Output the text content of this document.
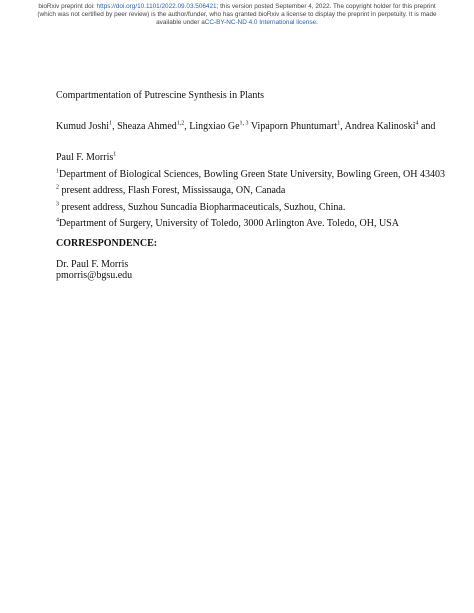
bioRxiv preprint doi: https://doi.org/10.1101/2022.09.03.506421; this version posted September 4, 2022. The copyright holder for this preprint
(which was not certified by peer review) is the author/funder, who has granted bioRxiv a license to display the preprint in perpetuity. It is made
available under aCC-BY-NC-ND 4.0 International license.
Compartmentation of Putrescine Synthesis in Plants
Kumud Joshi$^1$, Sheaza Ahmed$^{1,2}$, Lingxiao Ge$^{1, 3}$ Vipaporn Phuntumart$^1$, Andrea Kalinoski$^4$ and
Paul F. Morris$^1$
$^1$Department of Biological Sciences, Bowling Green State University, Bowling Green, OH 43403
$^2$ present address, Flash Forest, Mississauga, ON, Canada
$^3$ present address, Suzhou Suncadia Biopharmaceuticals, Suzhou, China.
$^4$Department of Surgery, University of Toledo, 3000 Arlington Ave. Toledo, OH, USA
CORRESPONDENCE:
Dr. Paul F. Morris
pmorris@bgsu.edu
